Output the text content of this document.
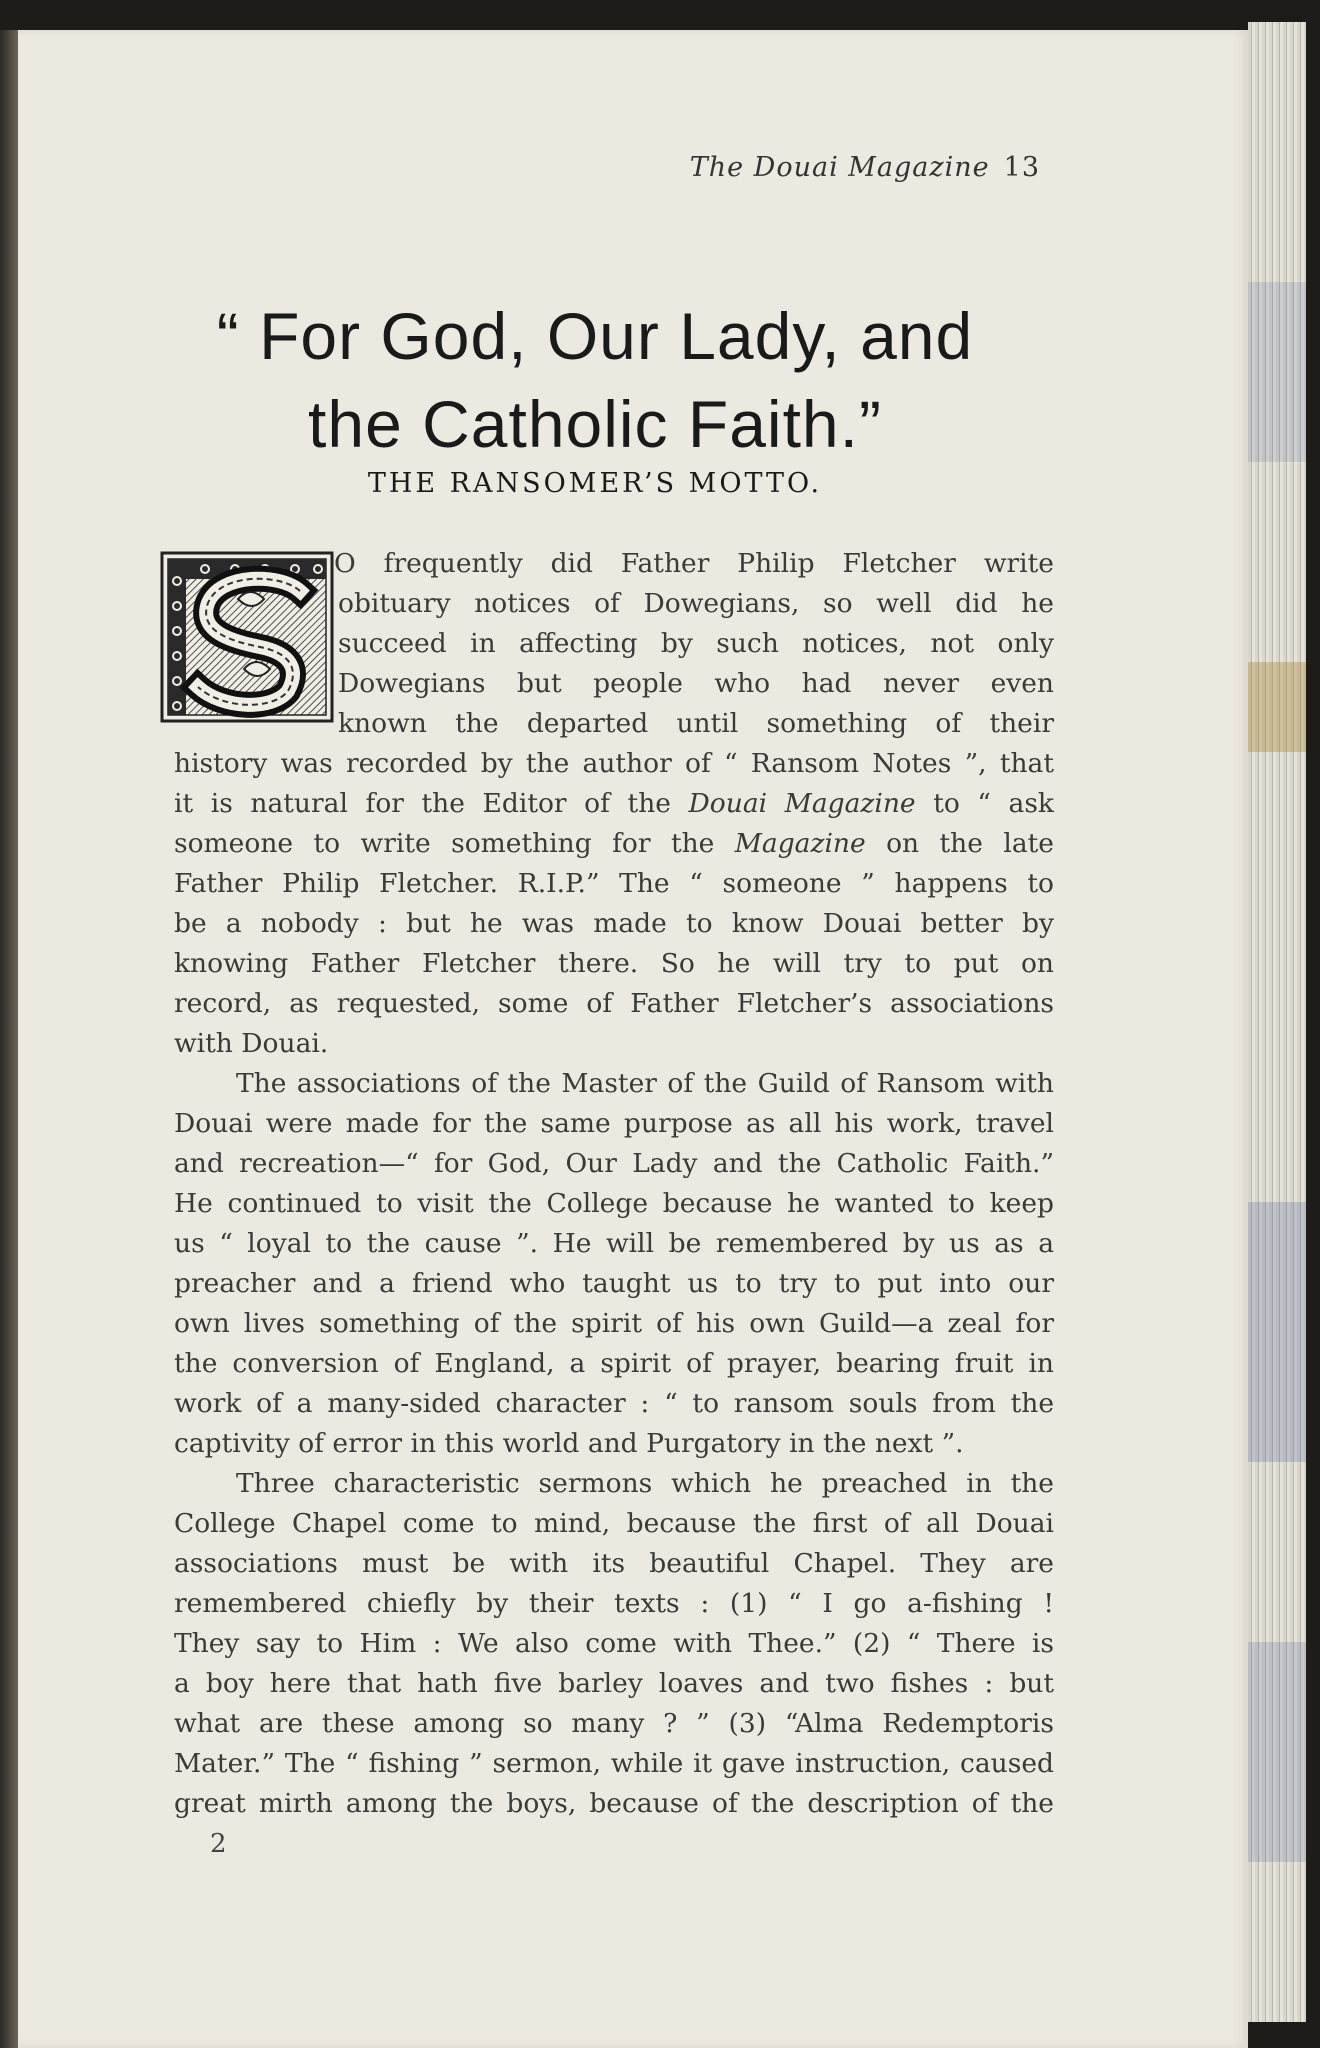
The Douai Magazine 13
“ For God, Our Lady, and
the Catholic Faith.”
THE RANSOMER’S MOTTO.
O frequently did Father Philip Fletcher write
obituary notices of Dowegians, so well did he
succeed in affecting by such notices, not only
Dowegians but people who had never even
known the departed until something of their
history was recorded by the author of “ Ransom Notes ”, that
it is natural for the Editor of the Douai Magazine to “ ask
someone to write something for the Magazine on the late
Father Philip Fletcher. R.I.P.” The “ someone ” happens to
be a nobody : but he was made to know Douai better by
knowing Father Fletcher there. So he will try to put on
record, as requested, some of Father Fletcher’s associations
with Douai.
The associations of the Master of the Guild of Ransom with
Douai were made for the same purpose as all his work, travel
and recreation—“ for God, Our Lady and the Catholic Faith.”
He continued to visit the College because he wanted to keep
us “ loyal to the cause ”. He will be remembered by us as a
preacher and a friend who taught us to try to put into our
own lives something of the spirit of his own Guild—a zeal for
the conversion of England, a spirit of prayer, bearing fruit in
work of a many-sided character : “ to ransom souls from the
captivity of error in this world and Purgatory in the next ”.
Three characteristic sermons which he preached in the
College Chapel come to mind, because the first of all Douai
associations must be with its beautiful Chapel. They are
remembered chiefly by their texts : (1) “ I go a-fishing !
They say to Him : We also come with Thee.” (2) “ There is
a boy here that hath five barley loaves and two fishes : but
what are these among so many ? ” (3) “Alma Redemptoris
Mater.” The “ fishing ” sermon, while it gave instruction, caused
great mirth among the boys, because of the description of the
2
